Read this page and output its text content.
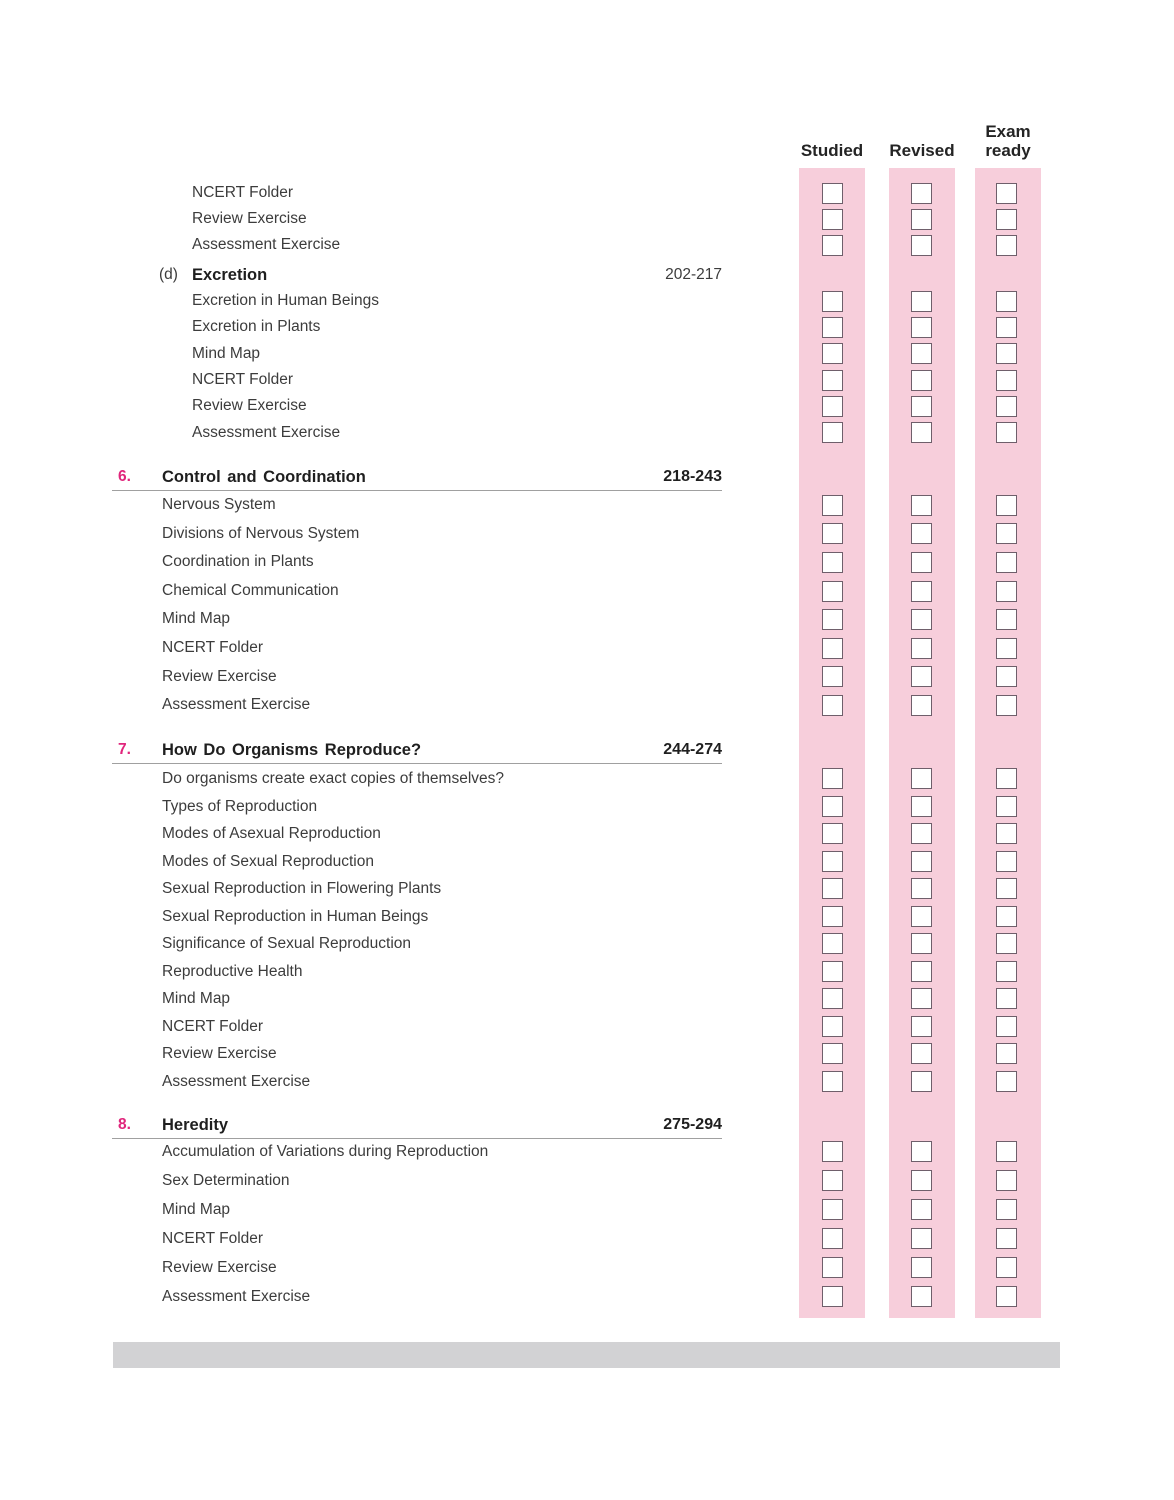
Studied Revised
Exam ready
NCERT Folder
Review Exercise
Assessment Exercise
(d) Excretion	202-217
Excretion in Human Beings
Excretion in Plants
Mind Map
NCERT Folder
Review Exercise
Assessment Exercise
6. Control and Coordination	218-243
Nervous System
Divisions of Nervous System
Coordination in Plants
Chemical Communication
Mind Map
NCERT Folder
Review Exercise
Assessment Exercise
7. How Do Organisms Reproduce?	244-274
Do organisms create exact copies of themselves?
Types of Reproduction
Modes of Asexual Reproduction
Modes of Sexual Reproduction
Sexual Reproduction in Flowering Plants
Sexual Reproduction in Human Beings
Significance of Sexual Reproduction
Reproductive Health
Mind Map
NCERT Folder
Review Exercise
Assessment Exercise
8. Heredity	275-294
Accumulation of Variations during Reproduction
Sex Determination
Mind Map
NCERT Folder
Review Exercise
Assessment Exercise
